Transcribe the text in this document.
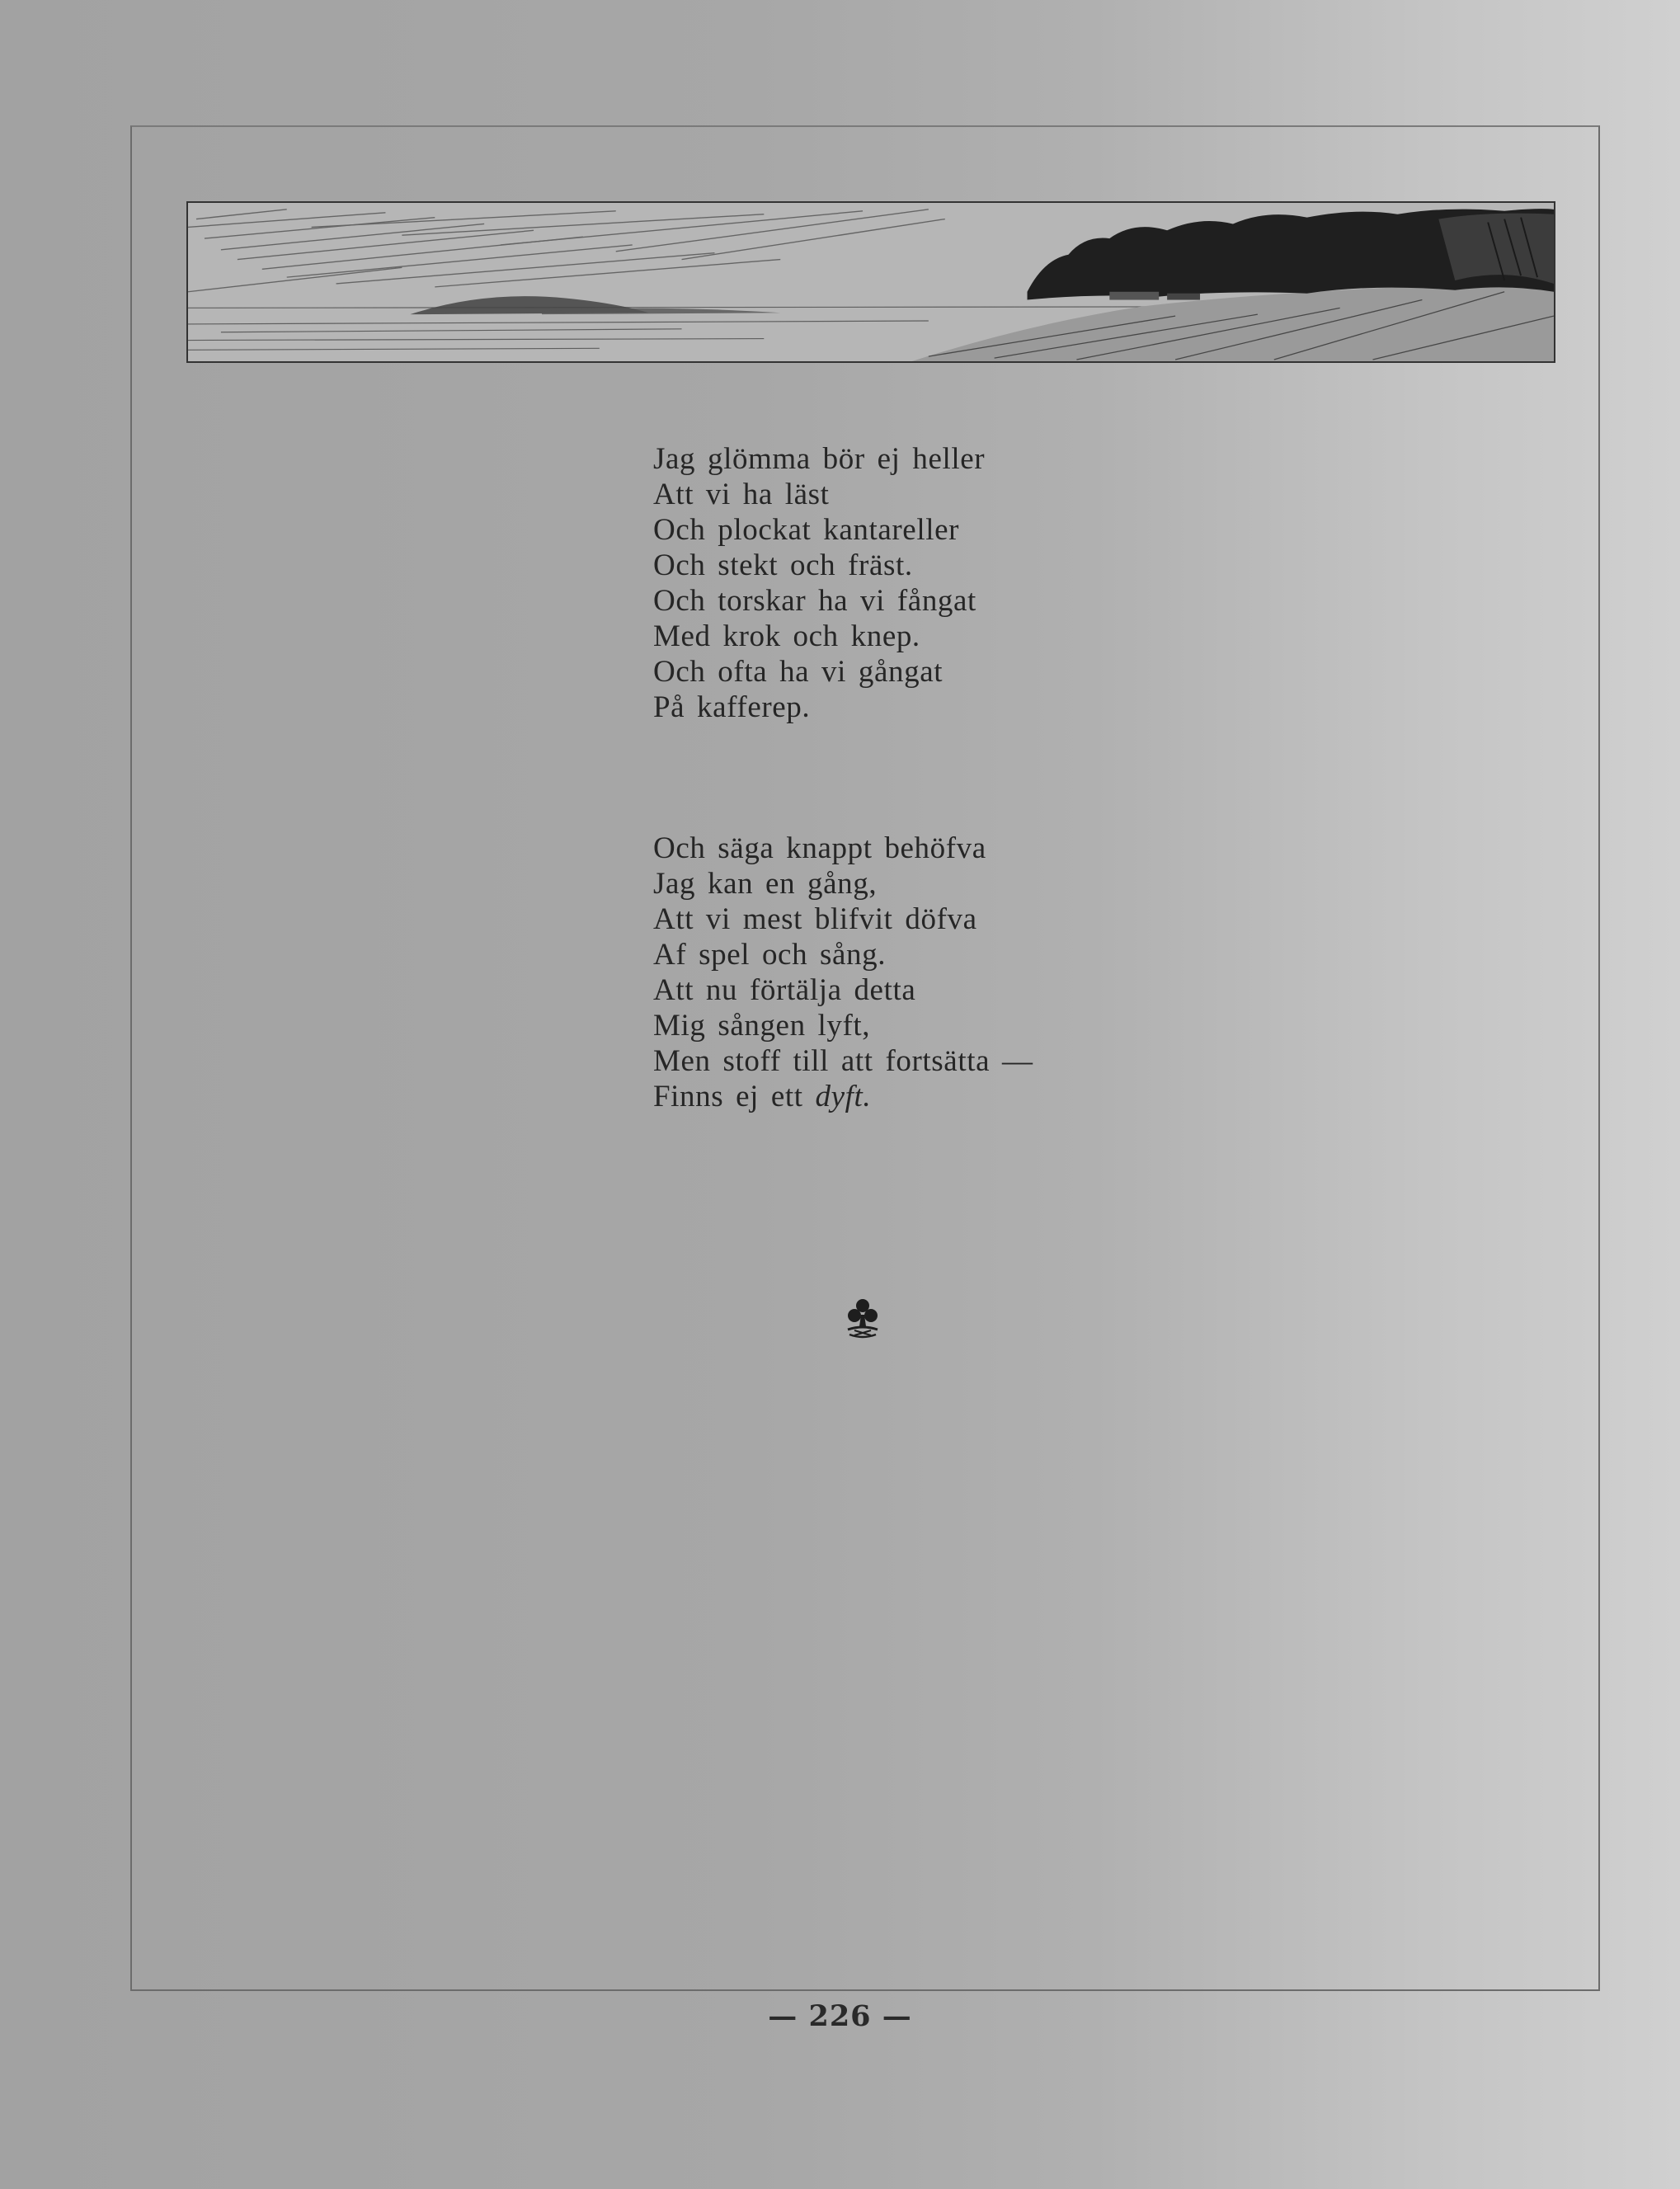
Jag glömma bör ej heller
Att vi ha läst
Och plockat kantareller
Och stekt och fräst.
Och torskar ha vi fångat
Med krok och knep.
Och ofta ha vi gångat
På kafferep.
Och säga knappt behöfva
Jag kan en gång,
Att vi mest blifvit döfva
Af spel och sång.
Att nu förtälja detta
Mig sången lyft,
Men stoff till att fortsätta —
Finns ej ett dyft.
— 226 —
